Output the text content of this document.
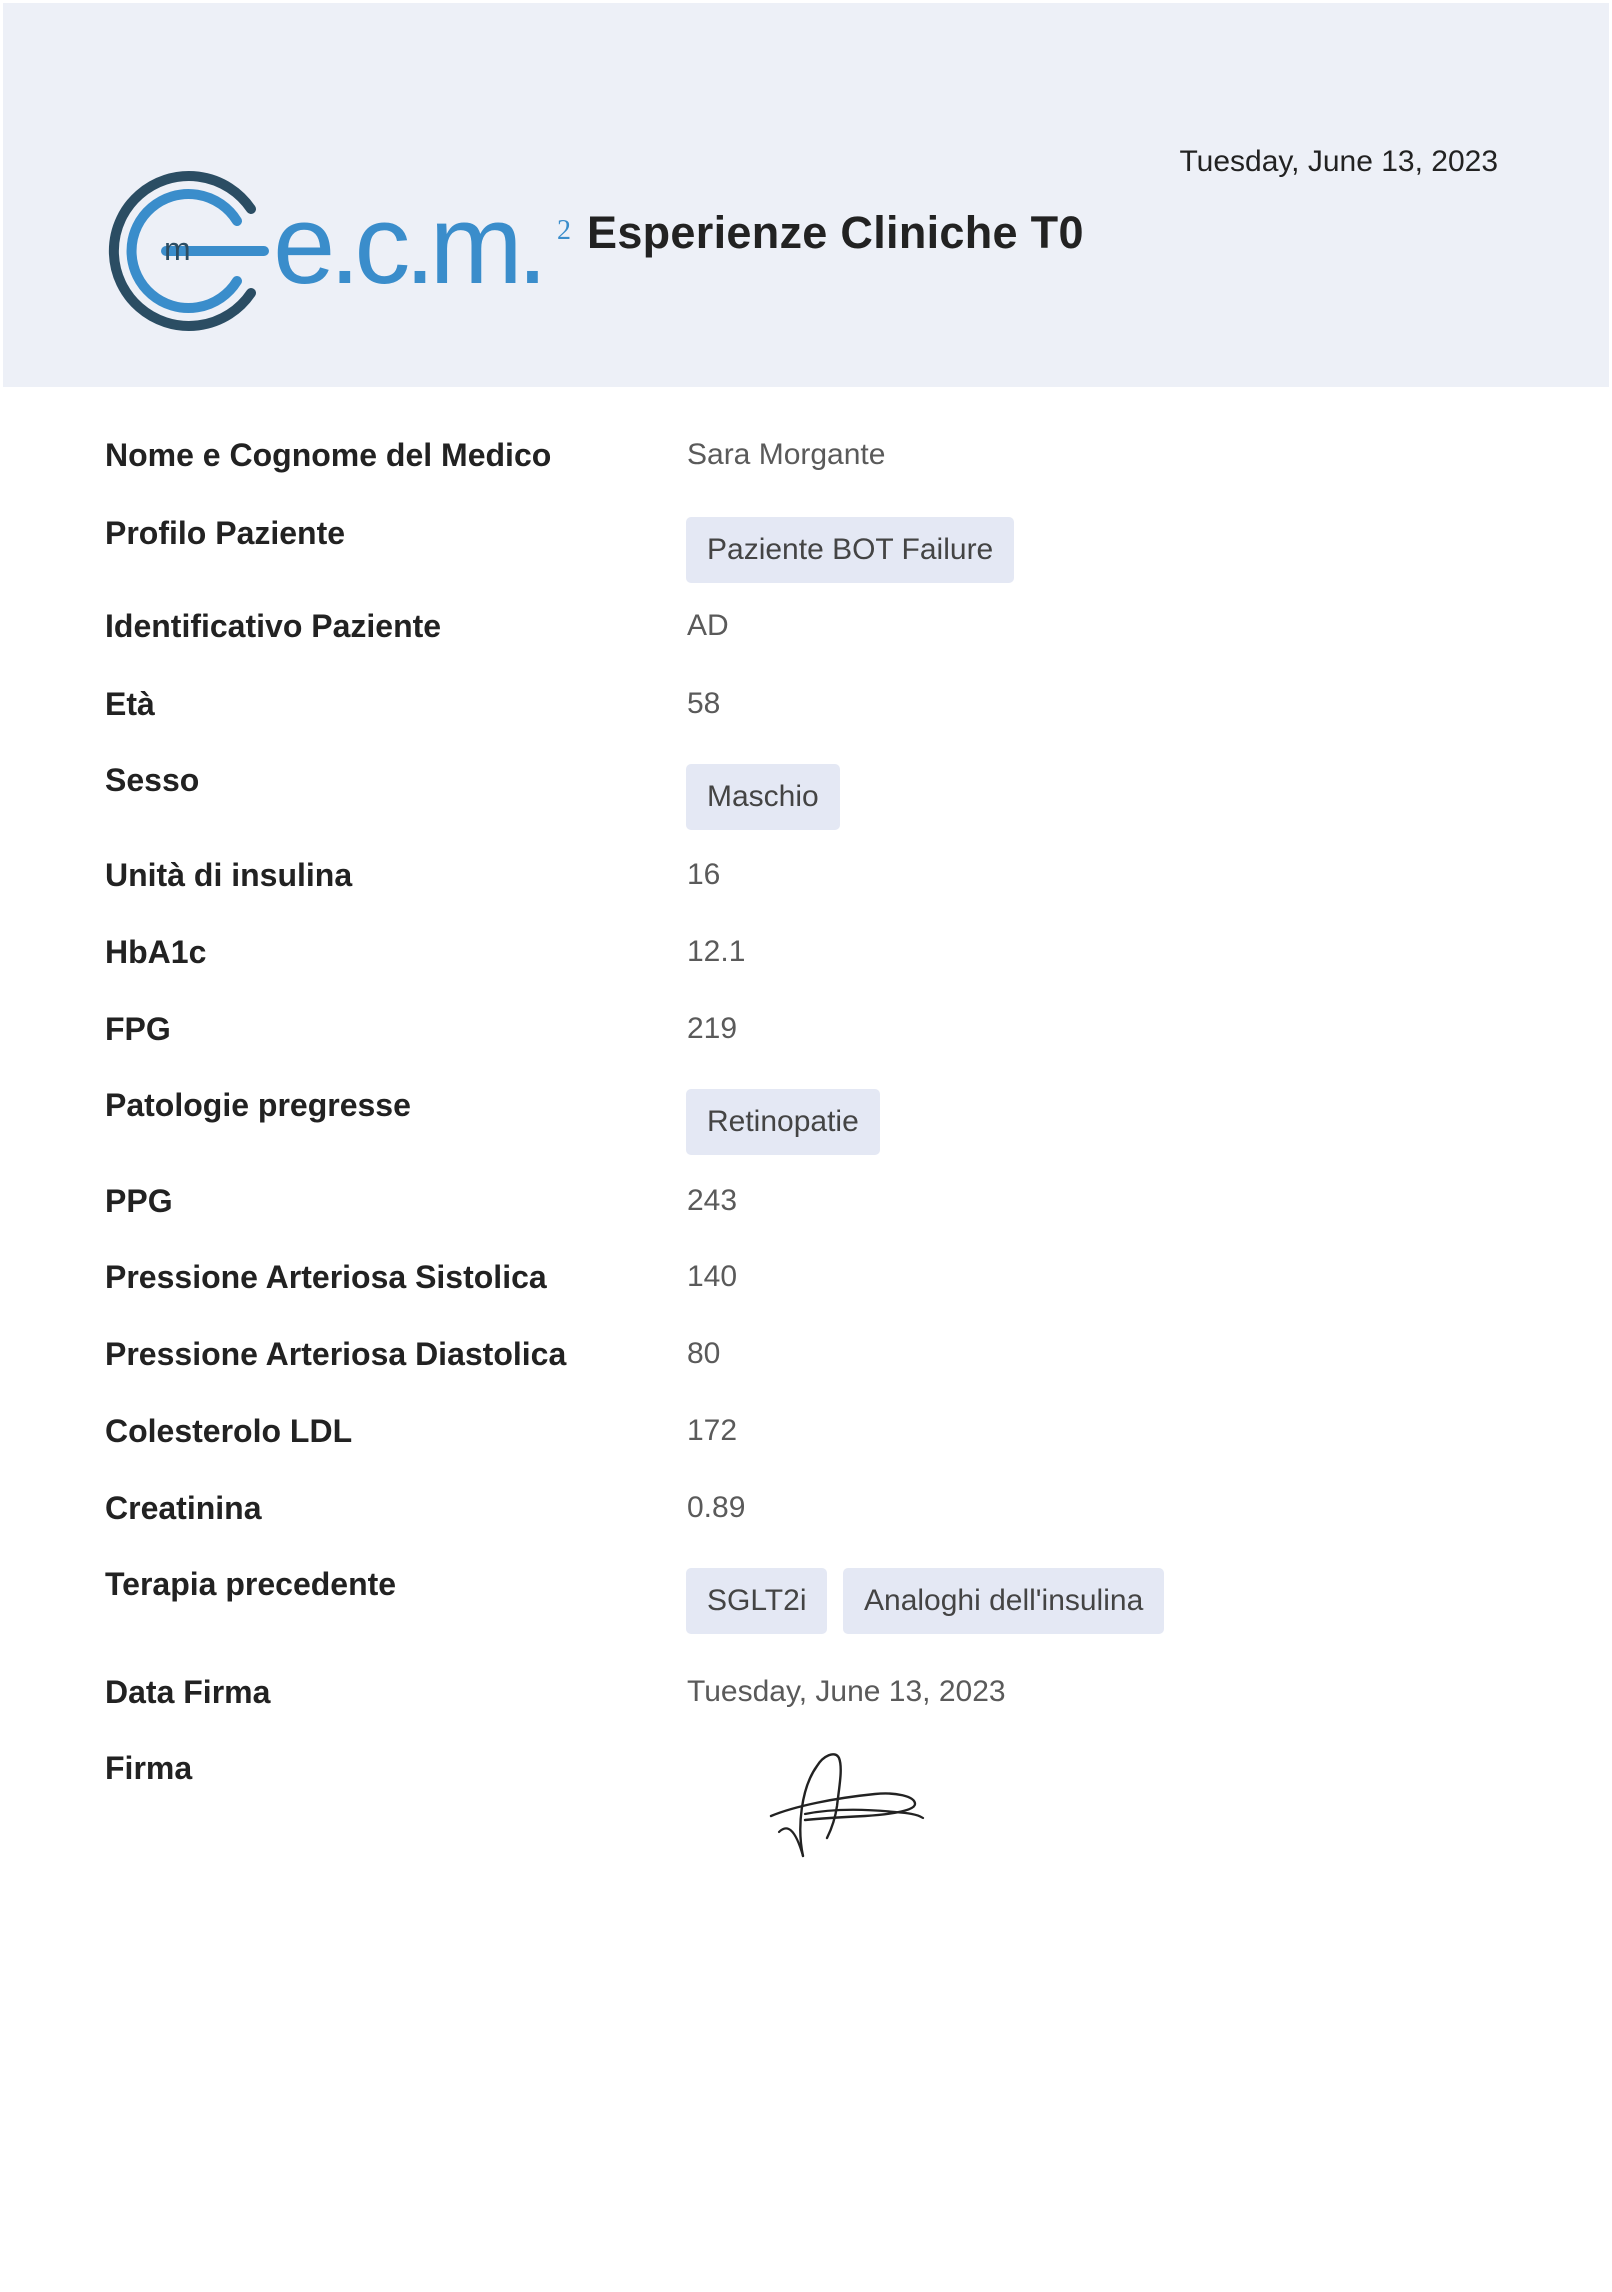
m e.c.m. 2 Esperienze Cliniche T0
Tuesday, June 13, 2023
Nome e Cognome del Medico	Sara Morgante
Profilo Paziente	Paziente BOT Failure
Identificativo Paziente	AD
Età	58
Sesso	Maschio
Unità di insulina	16
HbA1c	12.1
FPG	219
Patologie pregresse	Retinopatie
PPG	243
Pressione Arteriosa Sistolica	140
Pressione Arteriosa Diastolica	80
Colesterolo LDL	172
Creatinina	0.89
Terapia precedente	SGLT2i	Analoghi dell'insulina
Data Firma	Tuesday, June 13, 2023
Firma
